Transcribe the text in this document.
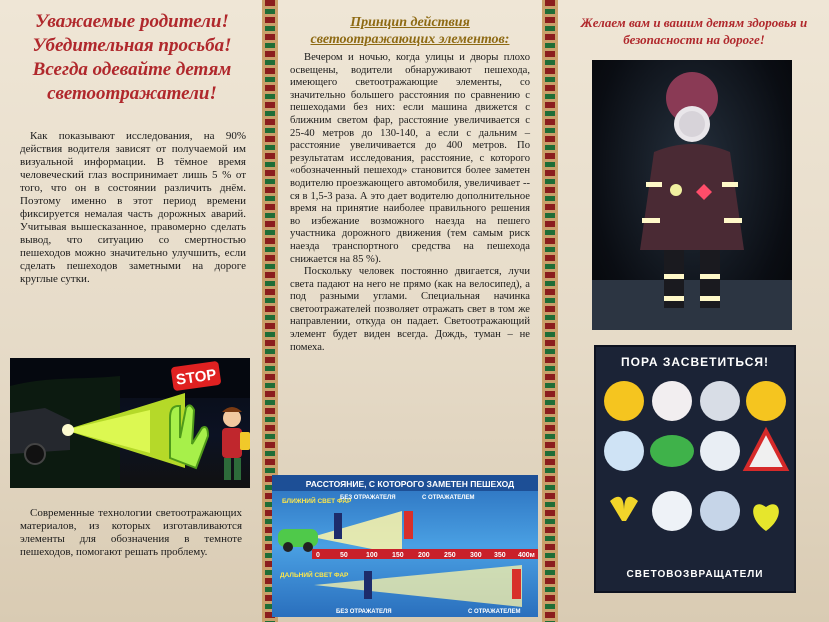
Уважаемые родители! Убедительная просьба! Всегда одевайте детям светоотражатели!

Как показывают исследования, на 90% действия водителя зависят от получаемой им визуальной информации. В тёмное время человеческий глаз воспринимает лишь 5 % от того, что он в состоянии различить днём. Поэтому именно в этот период времени фиксируется немалая часть дорожных аварий. Учитывая вышесказанное, правомерно сделать вывод, что ситуацию со смертностью пешеходов можно значительно улучшить, если сделать пешеходов заметными на дороге круглые сутки.

STOP

Современные технологии светоотражающих материалов, из которых изготавливаются элементы для обозначения в темноте пешеходов, помогают решать проблему.

Принцип действия светоотражающих элементов:

Вечером и ночью, когда улицы и дворы плохо освещены, водители обнаруживают пешехода, имеющего светоотражающие элементы, со значительно большего расстояния по сравнению с пешеходами без них: если машина движется с ближним светом фар, расстояние увеличивается с 25-40 метров до 130-140, а если с дальним – расстояние увеличивается до 400 метров. По результатам исследования, расстояние, с которого «обозначенный пешеход» становится более заметен водителю проезжающего автомобиля, увеличивает -- ся в 1,5-3 раза. А это дает водителю дополнительное время на принятие наиболее правильного решения во избежание возможного наезда на пешего участника дорожного движения (тем самым риск наезда транспортного средства на пешехода снижается на 85 %).

Поскольку человек постоянно двигается, лучи света падают на него не прямо (как на велосипед), а под разными углами. Специальная начинка светоотражателей позволяет отражать свет в том же направлении, откуда он падает. Светоотражающий элемент будет виден всегда. Дождь, туман – не помеха.

РАССТОЯНИЕ, С КОТОРОГО ЗАМЕТЕН ПЕШЕХОД
БЛИЖНИЙ СВЕТ ФАР
БЕЗ ОТРАЖАТЕЛЯ	С ОТРАЖАТЕЛЕМ
0	50	100 150 200 250 300 350 400м
ДАЛЬНИЙ СВЕТ ФАР
БЕЗ ОТРАЖАТЕЛЯ	С ОТРАЖАТЕЛЕМ
Желаем вам и вашим детям здоровья и безопасности на дороге!
ПОРА ЗАСВЕТИТЬСЯ!
СВЕТОВОЗВРАЩАТЕЛИ
